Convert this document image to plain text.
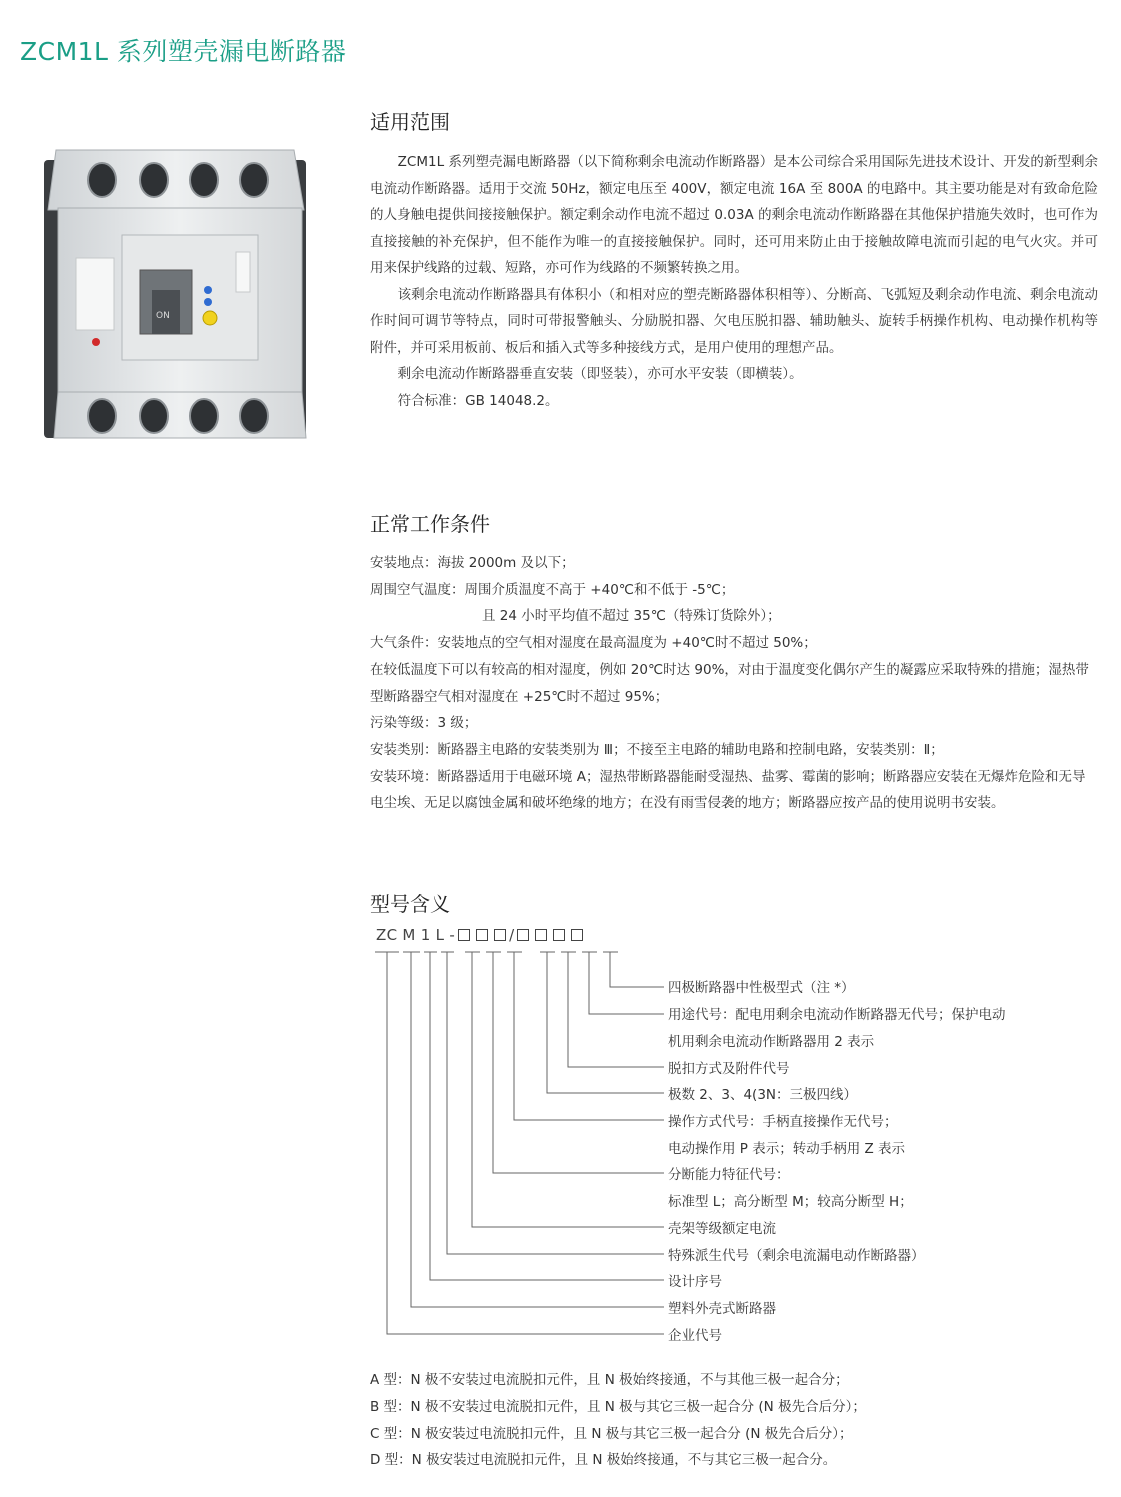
ZCM1L 系列塑壳漏电断路器
ON
适用范围

ZCM1L 系列塑壳漏电断路器（以下简称剩余电流动作断路器）是本公司综合采用国际先进技术设计、开发的新型剩余电流动作断路器。适用于交流 50Hz，额定电压至 400V，额定电流 16A 至 800A 的电路中。其主要功能是对有致命危险的人身触电提供间接接触保护。额定剩余动作电流不超过 0.03A 的剩余电流动作断路器在其他保护措施失效时，也可作为直接接触的补充保护，但不能作为唯一的直接接触保护。同时，还可用来防止由于接触故障电流而引起的电气火灾。并可用来保护线路的过载、短路，亦可作为线路的不频繁转换之用。

该剩余电流动作断路器具有体积小（和相对应的塑壳断路器体积相等）、分断高、飞弧短及剩余动作电流、剩余电流动作时间可调节等特点，同时可带报警触头、分励脱扣器、欠电压脱扣器、辅助触头、旋转手柄操作机构、电动操作机构等附件，并可采用板前、板后和插入式等多种接线方式，是用户使用的理想产品。

剩余电流动作断路器垂直安装（即竖装），亦可水平安装（即横装）。

符合标准：GB 14048.2。

正常工作条件
安装地点：海拔 2000m 及以下；
周围空气温度：周围介质温度不高于 +40℃和不低于 -5℃；
且 24 小时平均值不超过 35℃（特殊订货除外）；
大气条件：安装地点的空气相对湿度在最高温度为 +40℃时不超过 50%；
在较低温度下可以有较高的相对湿度，例如 20℃时达 90%，对由于温度变化偶尔产生的凝露应采取特殊的措施；湿热带型断路器空气相对湿度在 +25℃时不超过 95%；
污染等级：3 级；
安装类别：断路器主电路的安装类别为 Ⅲ；不接至主电路的辅助电路和控制电路，安装类别：Ⅱ；
安装环境：断路器适用于电磁环境 A；湿热带断路器能耐受湿热、盐雾、霉菌的影响；断路器应安装在无爆炸危险和无导电尘埃、无足以腐蚀金属和破坏绝缘的地方；在没有雨雪侵袭的地方；断路器应按产品的使用说明书安装。
型号含义
ZC M 1 L -	/
四极断路器中性极型式（注 *）
用途代号：配电用剩余电流动作断路器无代号；保护电动
机用剩余电流动作断路器用 2 表示
脱扣方式及附件代号
极数 2、3、4(3N：三极四线）
操作方式代号：手柄直接操作无代号；
电动操作用 P 表示；转动手柄用 Z 表示
分断能力特征代号：
标准型 L；高分断型 M；较高分断型 H；
壳架等级额定电流
特殊派生代号（剩余电流漏电动作断路器）
设计序号
塑料外壳式断路器
企业代号
A 型：N 极不安装过电流脱扣元件，且 N 极始终接通，不与其他三极一起合分；
B 型：N 极不安装过电流脱扣元件，且 N 极与其它三极一起合分 (N 极先合后分）；
C 型：N 极安装过电流脱扣元件，且 N 极与其它三极一起合分 (N 极先合后分）；
D 型：N 极安装过电流脱扣元件，且 N 极始终接通，不与其它三极一起合分。
